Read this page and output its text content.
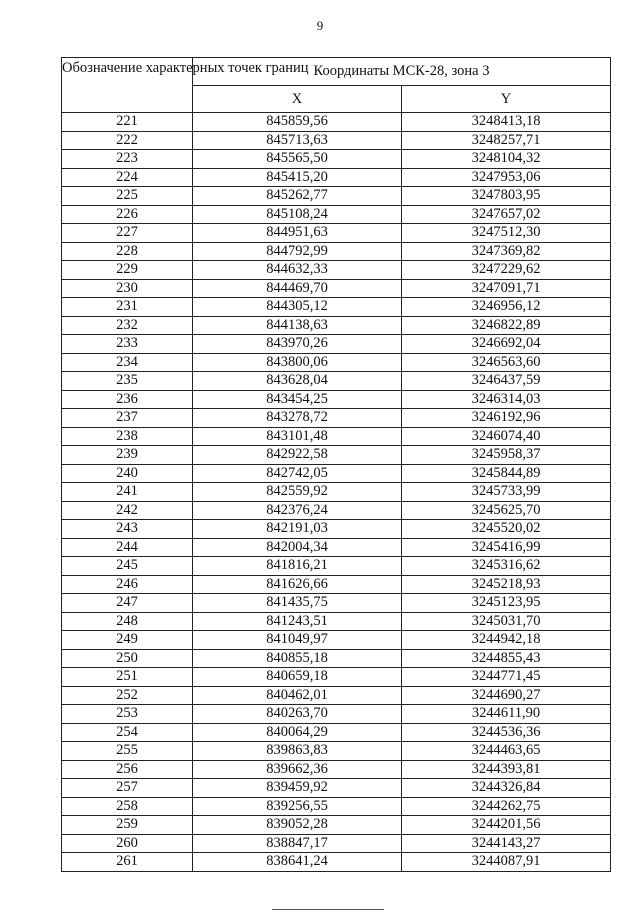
9
Обозначение характерных точек границ	Координаты МСК-28, зона 3	
	X	Y
221	845859,56	3248413,18
222	845713,63	3248257,71
223	845565,50	3248104,32
224	845415,20	3247953,06
225	845262,77	3247803,95
226	845108,24	3247657,02
227	844951,63	3247512,30
228	844792,99	3247369,82
229	844632,33	3247229,62
230	844469,70	3247091,71
231	844305,12	3246956,12
232	844138,63	3246822,89
233	843970,26	3246692,04
234	843800,06	3246563,60
235	843628,04	3246437,59
236	843454,25	3246314,03
237	843278,72	3246192,96
238	843101,48	3246074,40
239	842922,58	3245958,37
240	842742,05	3245844,89
241	842559,92	3245733,99
242	842376,24	3245625,70
243	842191,03	3245520,02
244	842004,34	3245416,99
245	841816,21	3245316,62
246	841626,66	3245218,93
247	841435,75	3245123,95
248	841243,51	3245031,70
249	841049,97	3244942,18
250	840855,18	3244855,43
251	840659,18	3244771,45
252	840462,01	3244690,27
253	840263,70	3244611,90
254	840064,29	3244536,36
255	839863,83	3244463,65
256	839662,36	3244393,81
257	839459,92	3244326,84
258	839256,55	3244262,75
259	839052,28	3244201,56
260	838847,17	3244143,27
261	838641,24	3244087,91
